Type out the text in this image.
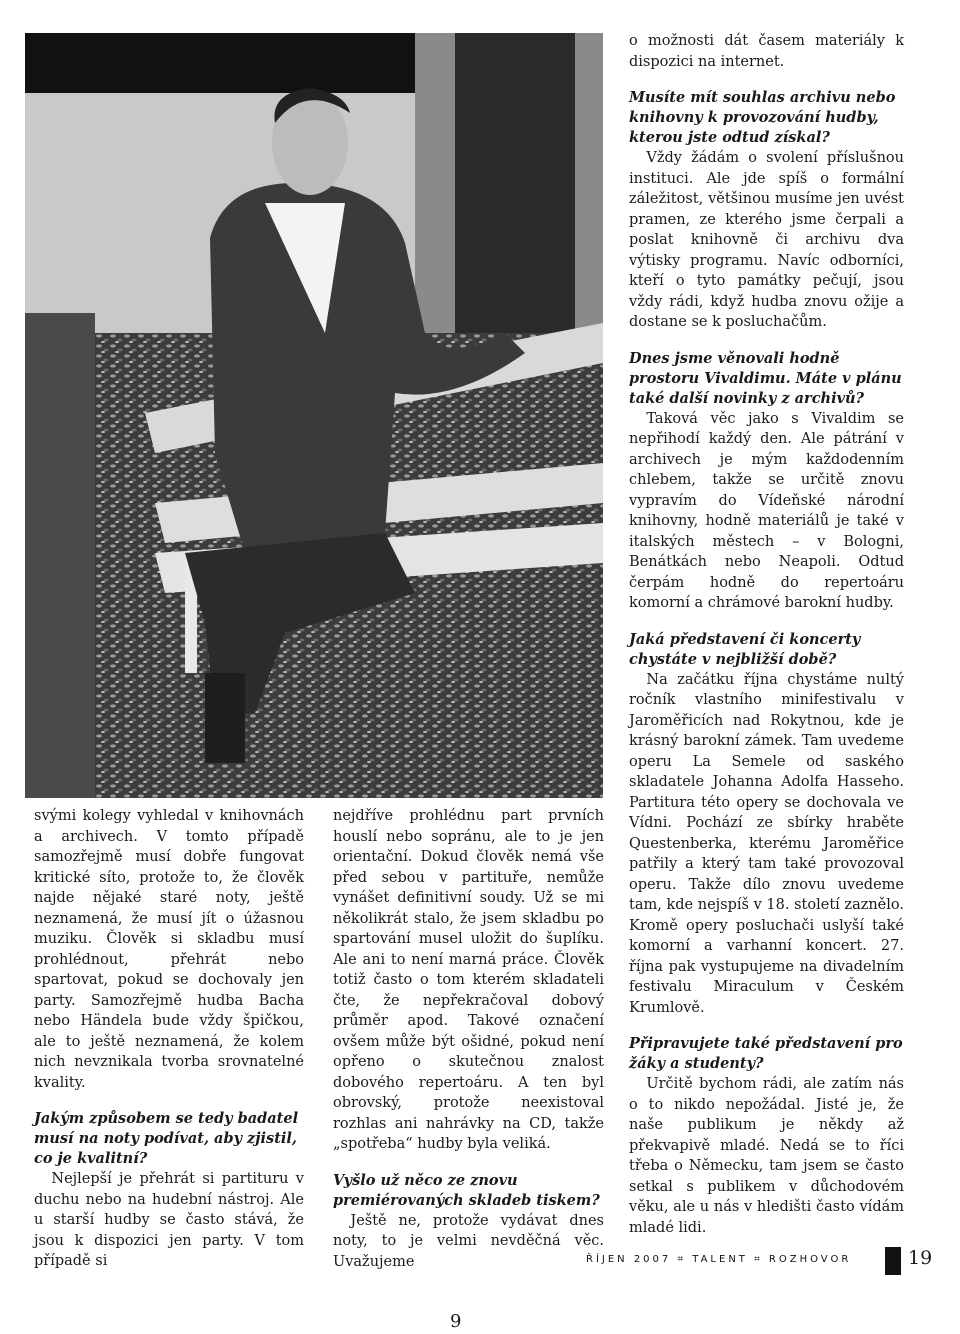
o možnosti dát časem materiály k dispozici na internet.

Musíte mít souhlas archivu nebo knihovny k provozování hudby, kterou jste odtud získal?

Vždy žádám o svolení příslušnou instituci. Ale jde spíš o formální záležitost, většinou musíme jen uvést pramen, ze kterého jsme čerpali a poslat knihovně či archivu dva výtisky programu. Navíc odborníci, kteří o tyto památky pečují, jsou vždy rádi, když hudba znovu ožije a dostane se k posluchačům.

Dnes jsme věnovali hodně prostoru Vivaldimu. Máte v plánu také další novinky z archivů?

Taková věc jako s Vivaldim se nepřihodí každý den. Ale pátrání v archivech je mým každodenním chlebem, takže se určitě znovu vypravím do Vídeňské národní knihovny, hodně materiálů je také v italských městech – v Bologni, Benátkách nebo Neapoli. Odtud čerpám hodně do repertoáru komorní a chrámové barokní hudby.

Jaká představení či koncerty chystáte v nejbližší době?

Na začátku října chystáme nultý ročník vlastního minifestivalu v Jaroměřicích nad Rokytnou, kde je krásný barokní zámek. Tam uvedeme operu La Semele od saského skladatele Johanna Adolfa Hasseho. Partitura této opery se dochovala ve Vídni. Pochází ze sbírky hraběte Questenberka, kterému Jaroměřice patřily a který tam také provozoval operu. Takže dílo znovu uvedeme tam, kde nejspíš v 18. století zaznělo. Kromě opery posluchači uslyší také komorní a varhanní koncert. 27. října pak vystupujeme na divadelním festivalu Miraculum v Českém Krumlově.

Připravujete také představení pro žáky a studenty?

Určitě bychom rádi, ale zatím nás o to nikdo nepožádal. Jisté je, že naše publikum je někdy až překvapivě mladé. Nedá se to říci třeba o Německu, tam jsem se často setkal s publikem v důchodovém věku, ale u nás v hledišti často vídám mladé lidi.

svými kolegy vyhledal v knihovnách a archivech. V tomto případě samozřejmě musí dobře fungovat kritické síto, protože to, že člověk najde nějaké staré noty, ještě neznamená, že musí jít o úžasnou muziku. Člověk si skladbu musí prohlédnout, přehrát nebo spartovat, pokud se dochovaly jen party. Samozřejmě hudba Bacha nebo Händela bude vždy špičkou, ale to ještě neznamená, že kolem nich nevznikala tvorba srovnatelné kvality.

Jakým způsobem se tedy badatel musí na noty podívat, aby zjistil, co je kvalitní?

Nejlepší je přehrát si partituru v duchu nebo na hudební nástroj. Ale u starší hudby se často stává, že jsou k dispozici jen party. V tom případě si

nejdříve prohlédnu part prvních houslí nebo sopránu, ale to je jen orientační. Dokud člověk nemá vše před sebou v partituře, nemůže vynášet definitivní soudy. Už se mi několikrát stalo, že jsem skladbu po spartování musel uložit do šuplíku. Ale ani to není marná práce. Člověk totiž často o tom kterém skladateli čte, že nepřekračoval dobový průměr apod. Takové označení ovšem může být ošidné, pokud není opřeno o skutečnou znalost dobového repertoáru. A ten byl obrovský, protože neexistoval rozhlas ani nahrávky na CD, takže „spotřeba“ hudby byla veliká.

Vyšlo už něco ze znovu premiérovaných skladeb tiskem?

Ještě ne, protože vydávat dnes noty, to je velmi nevděčná věc. Uvažujeme	ŘÍJEN 2007 ⌗ TALENT ⌗ ROZHOVOR	19
9
